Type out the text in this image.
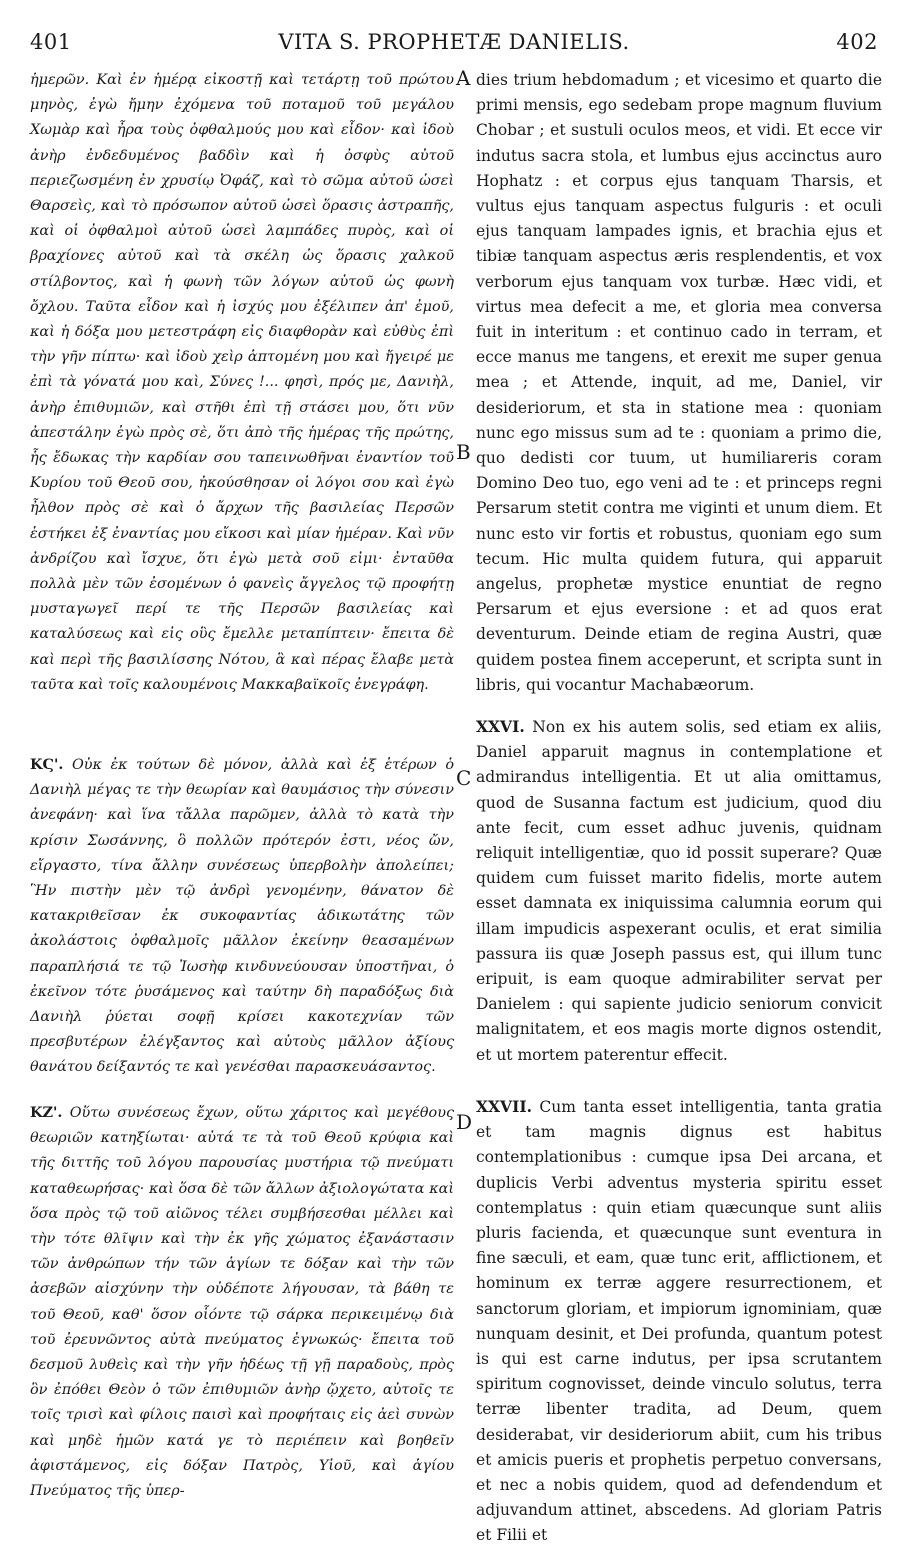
401	VITA S. PROPHETÆ DANIELIS.	402

ἡμερῶν. Καὶ ἐν ἡμέρᾳ εἰκοστῇ καὶ τετάρτῃ τοῦ πρώτου μηνὸς, ἐγὼ ἤμην ἐχόμενα τοῦ ποταμοῦ τοῦ μεγάλου Χωμὰρ καὶ ἦρα τοὺς ὀφθαλμούς μου καὶ εἶδον· καὶ ἰδοὺ ἀνὴρ ἐνδεδυμένος βαδδὶν καὶ ἡ ὀσφὺς αὐτοῦ περιεζωσμένη ἐν χρυσίῳ Ὀφάζ, καὶ τὸ σῶμα αὐτοῦ ὡσεὶ Θαρσεὶς, καὶ τὸ πρόσωπον αὐτοῦ ὡσεὶ ὅρασις ἀστραπῆς, καὶ οἱ ὀφθαλμοὶ αὐτοῦ ὡσεὶ λαμπάδες πυρὸς, καὶ οἱ βραχίονες αὐτοῦ καὶ τὰ σκέλη ὡς ὅρασις χαλκοῦ στίλβοντος, καὶ ἡ φωνὴ τῶν λόγων αὐτοῦ ὡς φωνὴ ὄχλου. Ταῦτα εἶδον καὶ ἡ ἰσχύς μου ἐξέλιπεν ἀπ' ἐμοῦ, καὶ ἡ δόξα μου μετεστράφη εἰς διαφθορὰν καὶ εὐθὺς ἐπὶ τὴν γῆν πίπτω· καὶ ἰδοὺ χεὶρ ἁπτομένη μου καὶ ἤγειρέ με ἐπὶ τὰ γόνατά μου καὶ, Σύνες !... φησὶ, πρός με, Δανιὴλ, ἀνὴρ ἐπιθυμιῶν, καὶ στῆθι ἐπὶ τῇ στάσει μου, ὅτι νῦν ἀπεστάλην ἐγὼ πρὸς σὲ, ὅτι ἀπὸ τῆς ἡμέρας τῆς πρώτης, ἧς ἔδωκας τὴν καρδίαν σου ταπεινωθῆναι ἐναντίον τοῦ Κυρίου τοῦ Θεοῦ σου, ἠκούσθησαν οἱ λόγοι σου καὶ ἐγὼ ἦλθον πρὸς σὲ καὶ ὁ ἄρχων τῆς βασιλείας Περσῶν ἑστήκει ἐξ ἐναντίας μου εἴκοσι καὶ μίαν ἡμέραν. Καὶ νῦν ἀνδρίζου καὶ ἴσχυε, ὅτι ἐγὼ μετὰ σοῦ εἰμι· ἐνταῦθα πολλὰ μὲν τῶν ἐσομένων ὁ φανεὶς ἄγγελος τῷ προφήτῃ μυσταγωγεῖ περί τε τῆς Περσῶν βασιλείας καὶ καταλύσεως καὶ εἰς οὓς ἔμελλε μεταπίπτειν· ἔπειτα δὲ καὶ περὶ τῆς βασιλίσσης Νότου, ἃ καὶ πέρας ἔλαβε μετὰ ταῦτα καὶ τοῖς καλουμένοις Μακκαβαϊκοῖς ἐνεγράφη.

ΚϚ'. Οὐκ ἐκ τούτων δὲ μόνον, ἀλλὰ καὶ ἐξ ἑτέρων ὁ Δανιὴλ μέγας τε τὴν θεωρίαν καὶ θαυμάσιος τὴν σύνεσιν ἀνεφάνη· καὶ ἵνα τἄλλα παρῶμεν, ἀλλὰ τὸ κατὰ τὴν κρίσιν Σωσάννης, ὃ πολλῶν πρότερόν ἐστι, νέος ὤν, εἴργαστο, τίνα ἄλλην συνέσεως ὑπερβολὴν ἀπολείπει; Ἣν πιστὴν μὲν τῷ ἀνδρὶ γενομένην, θάνατον δὲ κατακριθεῖσαν ἐκ συκοφαντίας ἀδικωτάτης τῶν ἀκολάστοις ὀφθαλμοῖς μᾶλλον ἐκείνην θεασαμένων παραπλήσιά τε τῷ Ἰωσὴφ κινδυνεύουσαν ὑποστῆναι, ὁ ἐκεῖνον τότε ῥυσάμενος καὶ ταύτην δὴ παραδόξως διὰ Δανιὴλ ῥύεται σοφῇ κρίσει κακοτεχνίαν τῶν πρεσβυτέρων ἐλέγξαντος καὶ αὐτοὺς μᾶλλον ἀξίους θανάτου δείξαντός τε καὶ γενέσθαι παρασκευάσαντος.

ΚΖ'. Οὕτω συνέσεως ἔχων, οὕτω χάριτος καὶ μεγέθους θεωριῶν κατηξίωται· αὐτά τε τὰ τοῦ Θεοῦ κρύφια καὶ τῆς διττῆς τοῦ λόγου παρουσίας μυστήρια τῷ πνεύματι καταθεωρήσας· καὶ ὅσα δὲ τῶν ἄλλων ἀξιολογώτατα καὶ ὅσα πρὸς τῷ τοῦ αἰῶνος τέλει συμβήσεσθαι μέλλει καὶ τὴν τότε θλῖψιν καὶ τὴν ἐκ γῆς χώματος ἐξανάστασιν τῶν ἀνθρώπων τήν τῶν ἁγίων τε δόξαν καὶ τὴν τῶν ἀσεβῶν αἰσχύνην τὴν οὐδέποτε λήγουσαν, τὰ βάθη τε τοῦ Θεοῦ, καθ' ὅσον οἷόντε τῷ σάρκα περικειμένῳ διὰ τοῦ ἐρευνῶντος αὐτὰ πνεύματος ἐγνωκώς· ἔπειτα τοῦ δεσμοῦ λυθεὶς καὶ τὴν γῆν ἡδέως τῇ γῇ παραδοὺς, πρὸς ὃν ἐπόθει Θεὸν ὁ τῶν ἐπιθυμιῶν ἀνὴρ ᾤχετο, αὐτοῖς τε τοῖς τρισὶ καὶ φίλοις παισὶ καὶ προφήταις εἰς ἀεὶ συνὼν καὶ μηδὲ ἡμῶν κατά γε τὸ περιέπειν καὶ βοηθεῖν ἀφιστάμενος, εἰς δόξαν Πατρὸς, Υἱοῦ, καὶ ἁγίου Πνεύματος τῆς ὑπερ-

A
B
C
D

dies trium hebdomadum ; et vicesimo et quarto die primi mensis, ego sedebam prope magnum fluvium Chobar ; et sustuli oculos meos, et vidi. Et ecce vir indutus sacra stola, et lumbus ejus accinctus auro Hophatz : et corpus ejus tanquam Tharsis, et vultus ejus tanquam aspectus fulguris : et oculi ejus tanquam lampades ignis, et brachia ejus et tibiæ tanquam aspectus æris resplendentis, et vox verborum ejus tanquam vox turbæ. Hæc vidi, et virtus mea defecit a me, et gloria mea conversa fuit in interitum : et continuo cado in terram, et ecce manus me tangens, et erexit me super genua mea ; et Attende, inquit, ad me, Daniel, vir desideriorum, et sta in statione mea : quoniam nunc ego missus sum ad te : quoniam a primo die, quo dedisti cor tuum, ut humiliareris coram Domino Deo tuo, ego veni ad te : et princeps regni Persarum stetit contra me viginti et unum diem. Et nunc esto vir fortis et robustus, quoniam ego sum tecum. Hic multa quidem futura, qui apparuit angelus, prophetæ mystice enuntiat de regno Persarum et ejus eversione : et ad quos erat deventurum. Deinde etiam de regina Austri, quæ quidem postea finem acceperunt, et scripta sunt in libris, qui vocantur Machabæorum.

XXVI. Non ex his autem solis, sed etiam ex aliis, Daniel apparuit magnus in contemplatione et admirandus intelligentia. Et ut alia omittamus, quod de Susanna factum est judicium, quod diu ante fecit, cum esset adhuc juvenis, quidnam reliquit intelligentiæ, quo id possit superare? Quæ quidem cum fuisset marito fidelis, morte autem esset damnata ex iniquissima calumnia eorum qui illam impudicis aspexerant oculis, et erat similia passura iis quæ Joseph passus est, qui illum tunc eripuit, is eam quoque admirabiliter servat per Danielem : qui sapiente judicio seniorum convicit malignitatem, et eos magis morte dignos ostendit, et ut mortem paterentur effecit.

XXVII. Cum tanta esset intelligentia, tanta gratia et tam magnis dignus est habitus contemplationibus : cumque ipsa Dei arcana, et duplicis Verbi adventus mysteria spiritu esset contemplatus : quin etiam quæcunque sunt aliis pluris facienda, et quæcunque sunt eventura in fine sæculi, et eam, quæ tunc erit, afflictionem, et hominum ex terræ aggere resurrectionem, et sanctorum gloriam, et impiorum ignominiam, quæ nunquam desinit, et Dei profunda, quantum potest is qui est carne indutus, per ipsa scrutantem spiritum cognovisset, deinde vinculo solutus, terra terræ libenter tradita, ad Deum, quem desiderabat, vir desideriorum abiit, cum his tribus et amicis pueris et prophetis perpetuo conversans, et nec a nobis quidem, quod ad defendendum et adjuvandum attinet, abscedens. Ad gloriam Patris et Filii et
